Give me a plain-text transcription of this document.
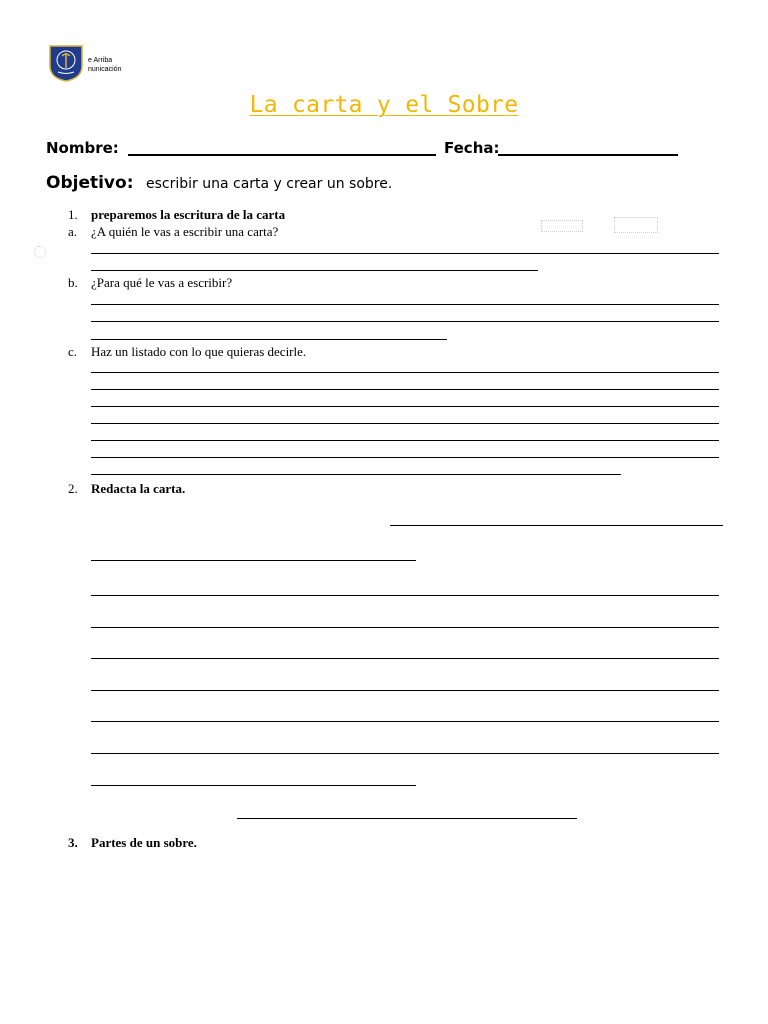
e Arriba
nunicación
La carta y el Sobre
Nombre:	Fecha:
Objetivo: escribir una carta y crear un sobre.
1. preparemos la escritura de la carta
a. ¿A quién le vas a escribir una carta?
b. ¿Para qué le vas a escribir?
c. Haz un listado con lo que quieras decirle.
2. Redacta la carta.
3. Partes de un sobre.
